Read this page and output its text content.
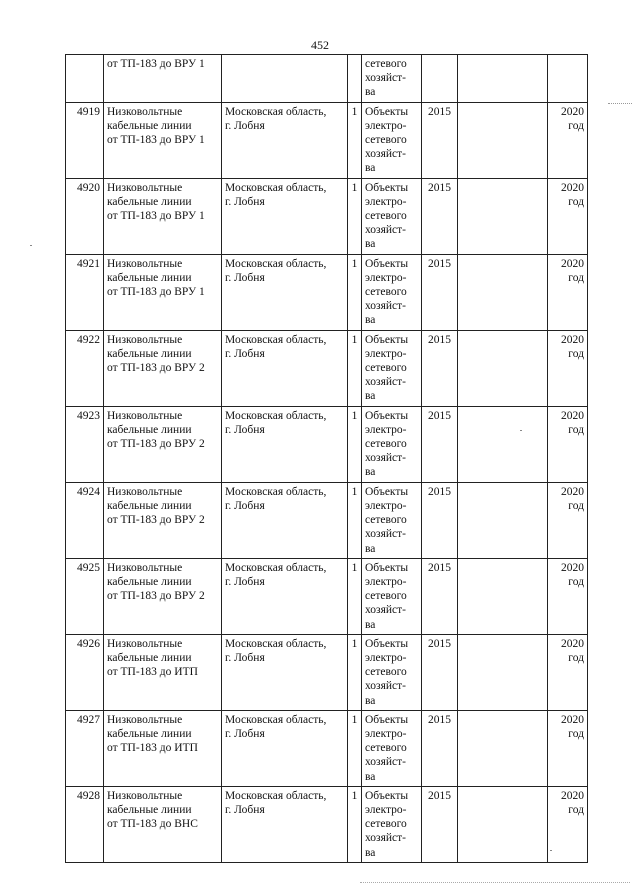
452
	от ТП-183 до ВРУ 1			сетевого
хозяйст-
ва			
4919	Низковольтные
кабельные линии
от ТП-183 до ВРУ 1	Московская область,
г. Лобня	1	Объекты
электро-
сетевого
хозяйст-
ва	2015		2020
год
4920	Низковольтные
кабельные линии
от ТП-183 до ВРУ 1	Московская область,
г. Лобня	1	Объекты
электро-
сетевого
хозяйст-
ва	2015		2020
год
4921	Низковольтные
кабельные линии
от ТП-183 до ВРУ 1	Московская область,
г. Лобня	1	Объекты
электро-
сетевого
хозяйст-
ва	2015		2020
год
4922	Низковольтные
кабельные линии
от ТП-183 до ВРУ 2	Московская область,
г. Лобня	1	Объекты
электро-
сетевого
хозяйст-
ва	2015		2020
год
4923	Низковольтные
кабельные линии
от ТП-183 до ВРУ 2	Московская область,
г. Лобня	1	Объекты
электро-
сетевого
хозяйст-
ва	2015		2020
год
4924	Низковольтные
кабельные линии
от ТП-183 до ВРУ 2	Московская область,
г. Лобня	1	Объекты
электро-
сетевого
хозяйст-
ва	2015		2020
год
4925	Низковольтные
кабельные линии
от ТП-183 до ВРУ 2	Московская область,
г. Лобня	1	Объекты
электро-
сетевого
хозяйст-
ва	2015		2020
год
4926	Низковольтные
кабельные линии
от ТП-183 до ИТП	Московская область,
г. Лобня	1	Объекты
электро-
сетевого
хозяйст-
ва	2015		2020
год
4927	Низковольтные
кабельные линии
от ТП-183 до ИТП	Московская область,
г. Лобня	1	Объекты
электро-
сетевого
хозяйст-
ва	2015		2020
год
4928	Низковольтные
кабельные линии
от ТП-183 до ВНС	Московская область,
г. Лобня	1	Объекты
электро-
сетевого
хозяйст-
ва	2015		2020
год
